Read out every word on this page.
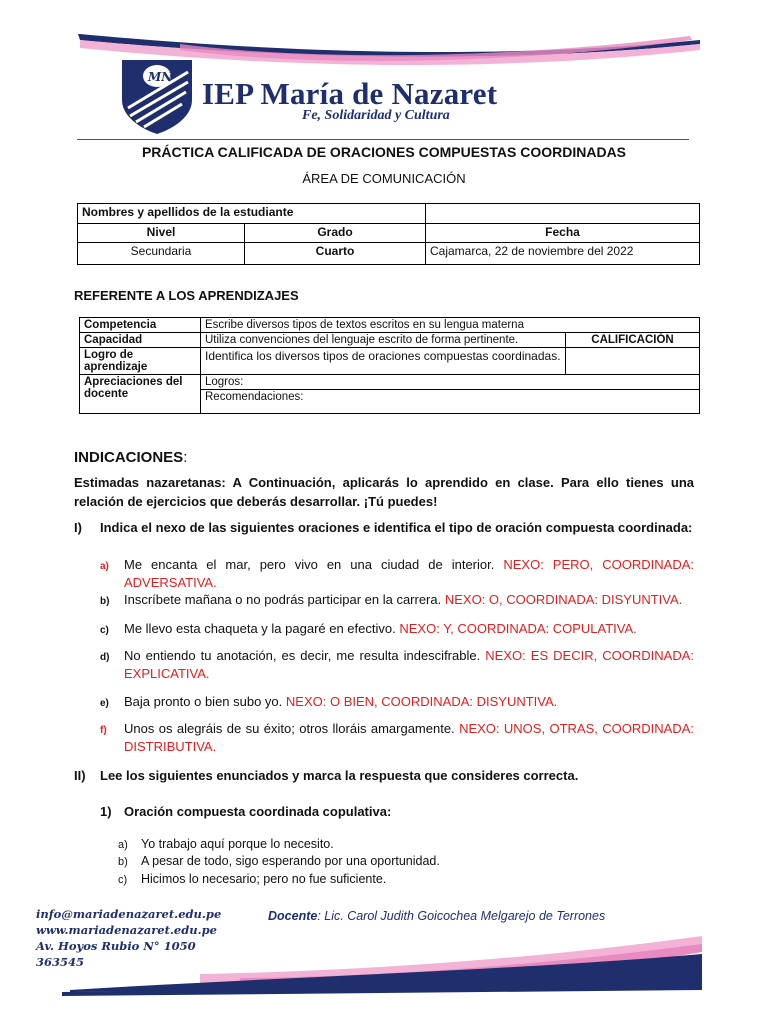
MN IEP María de Nazaret
Fe, Solidaridad y Cultura
PRÁCTICA CALIFICADA DE ORACIONES COMPUESTAS COORDINADAS
ÁREA DE COMUNICACIÓN
Nombres y apellidos de la estudiante		
Nivel	Grado	Fecha
Secundaria	Cuarto	Cajamarca, 22 de noviembre del 2022
REFERENTE A LOS APRENDIZAJES
Competencia	Escribe diversos tipos de textos escritos en su lengua materna	
Capacidad	Utiliza convenciones del lenguaje escrito de forma pertinente.	CALIFICACIÓN
Logro de aprendizaje	Identifica los diversos tipos de oraciones compuestas coordinadas.	
Apreciaciones del docente	Logros:	
	Recomendaciones:	
INDICACIONES:
Estimadas nazaretanas: A Continuación, aplicarás lo aprendido en clase. Para ello tienes una relación de ejercicios que deberás desarrollar. ¡Tú puedes!
I) Indica el nexo de las siguientes oraciones e identifica el tipo de oración compuesta coordinada:
a) Me encanta el mar, pero vivo en una ciudad de interior. NEXO: PERO, COORDINADA: ADVERSATIVA.
b) Inscríbete mañana o no podrás participar en la carrera. NEXO: O, COORDINADA: DISYUNTIVA.
c) Me llevo esta chaqueta y la pagaré en efectivo. NEXO: Y, COORDINADA: COPULATIVA.
d) No entiendo tu anotación, es decir, me resulta indescifrable. NEXO: ES DECIR, COORDINADA: EXPLICATIVA.
e) Baja pronto o bien subo yo. NEXO: O BIEN, COORDINADA: DISYUNTIVA.
f) Unos os alegráis de su éxito; otros lloráis amargamente. NEXO: UNOS, OTRAS, COORDINADA: DISTRIBUTIVA.
II) Lee los siguientes enunciados y marca la respuesta que consideres correcta.
1) Oración compuesta coordinada copulativa:
a) Yo trabajo aquí porque lo necesito.
b) A pesar de todo, sigo esperando por una oportunidad.
c) Hicimos lo necesario; pero no fue suficiente.
info@mariadenazaret.edu.pe
www.mariadenazaret.edu.pe
Av. Hoyos Rubio N° 1050
363545
Docente: Lic. Carol Judith Goicochea Melgarejo de Terrones
